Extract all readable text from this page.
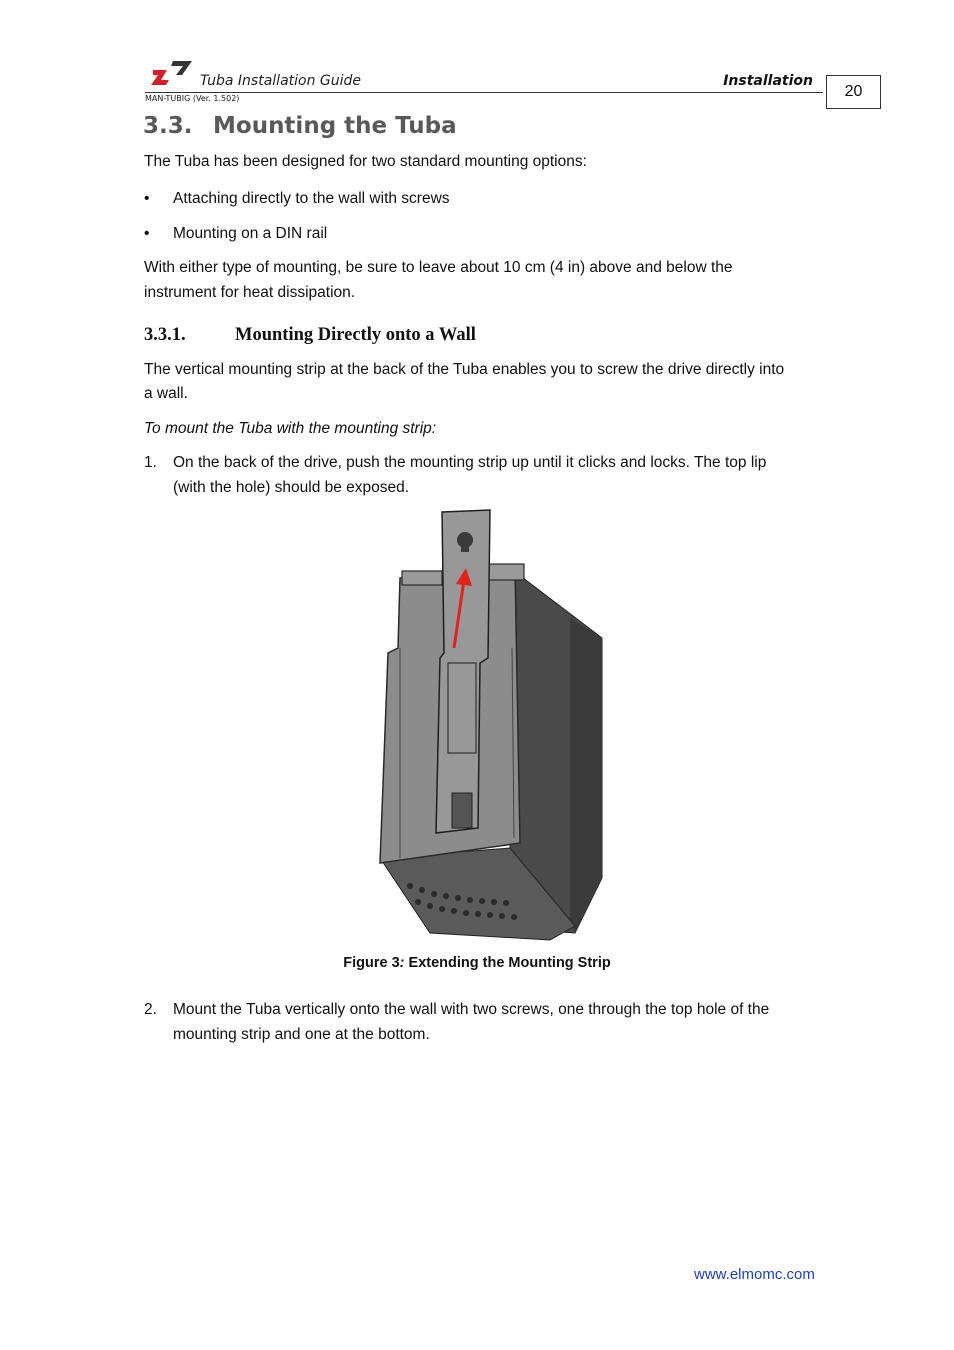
Tuba Installation Guide	Installation
MAN-TUBIG (Ver. 1.502)	20
3.3. Mounting the Tuba
The Tuba has been designed for two standard mounting options:
• Attaching directly to the wall with screws
• Mounting on a DIN rail
With either type of mounting, be sure to leave about 10 cm (4 in) above and below the
instrument for heat dissipation.
3.3.1.	Mounting Directly onto a Wall
The vertical mounting strip at the back of the Tuba enables you to screw the drive directly into
a wall.
To mount the Tuba with the mounting strip:
1. On the back of the drive, push the mounting strip up until it clicks and locks. The top lip
(with the hole) should be exposed.
Figure 3: Extending the Mounting Strip
2. Mount the Tuba vertically onto the wall with two screws, one through the top hole of the
mounting strip and one at the bottom.
www.elmomc.com
